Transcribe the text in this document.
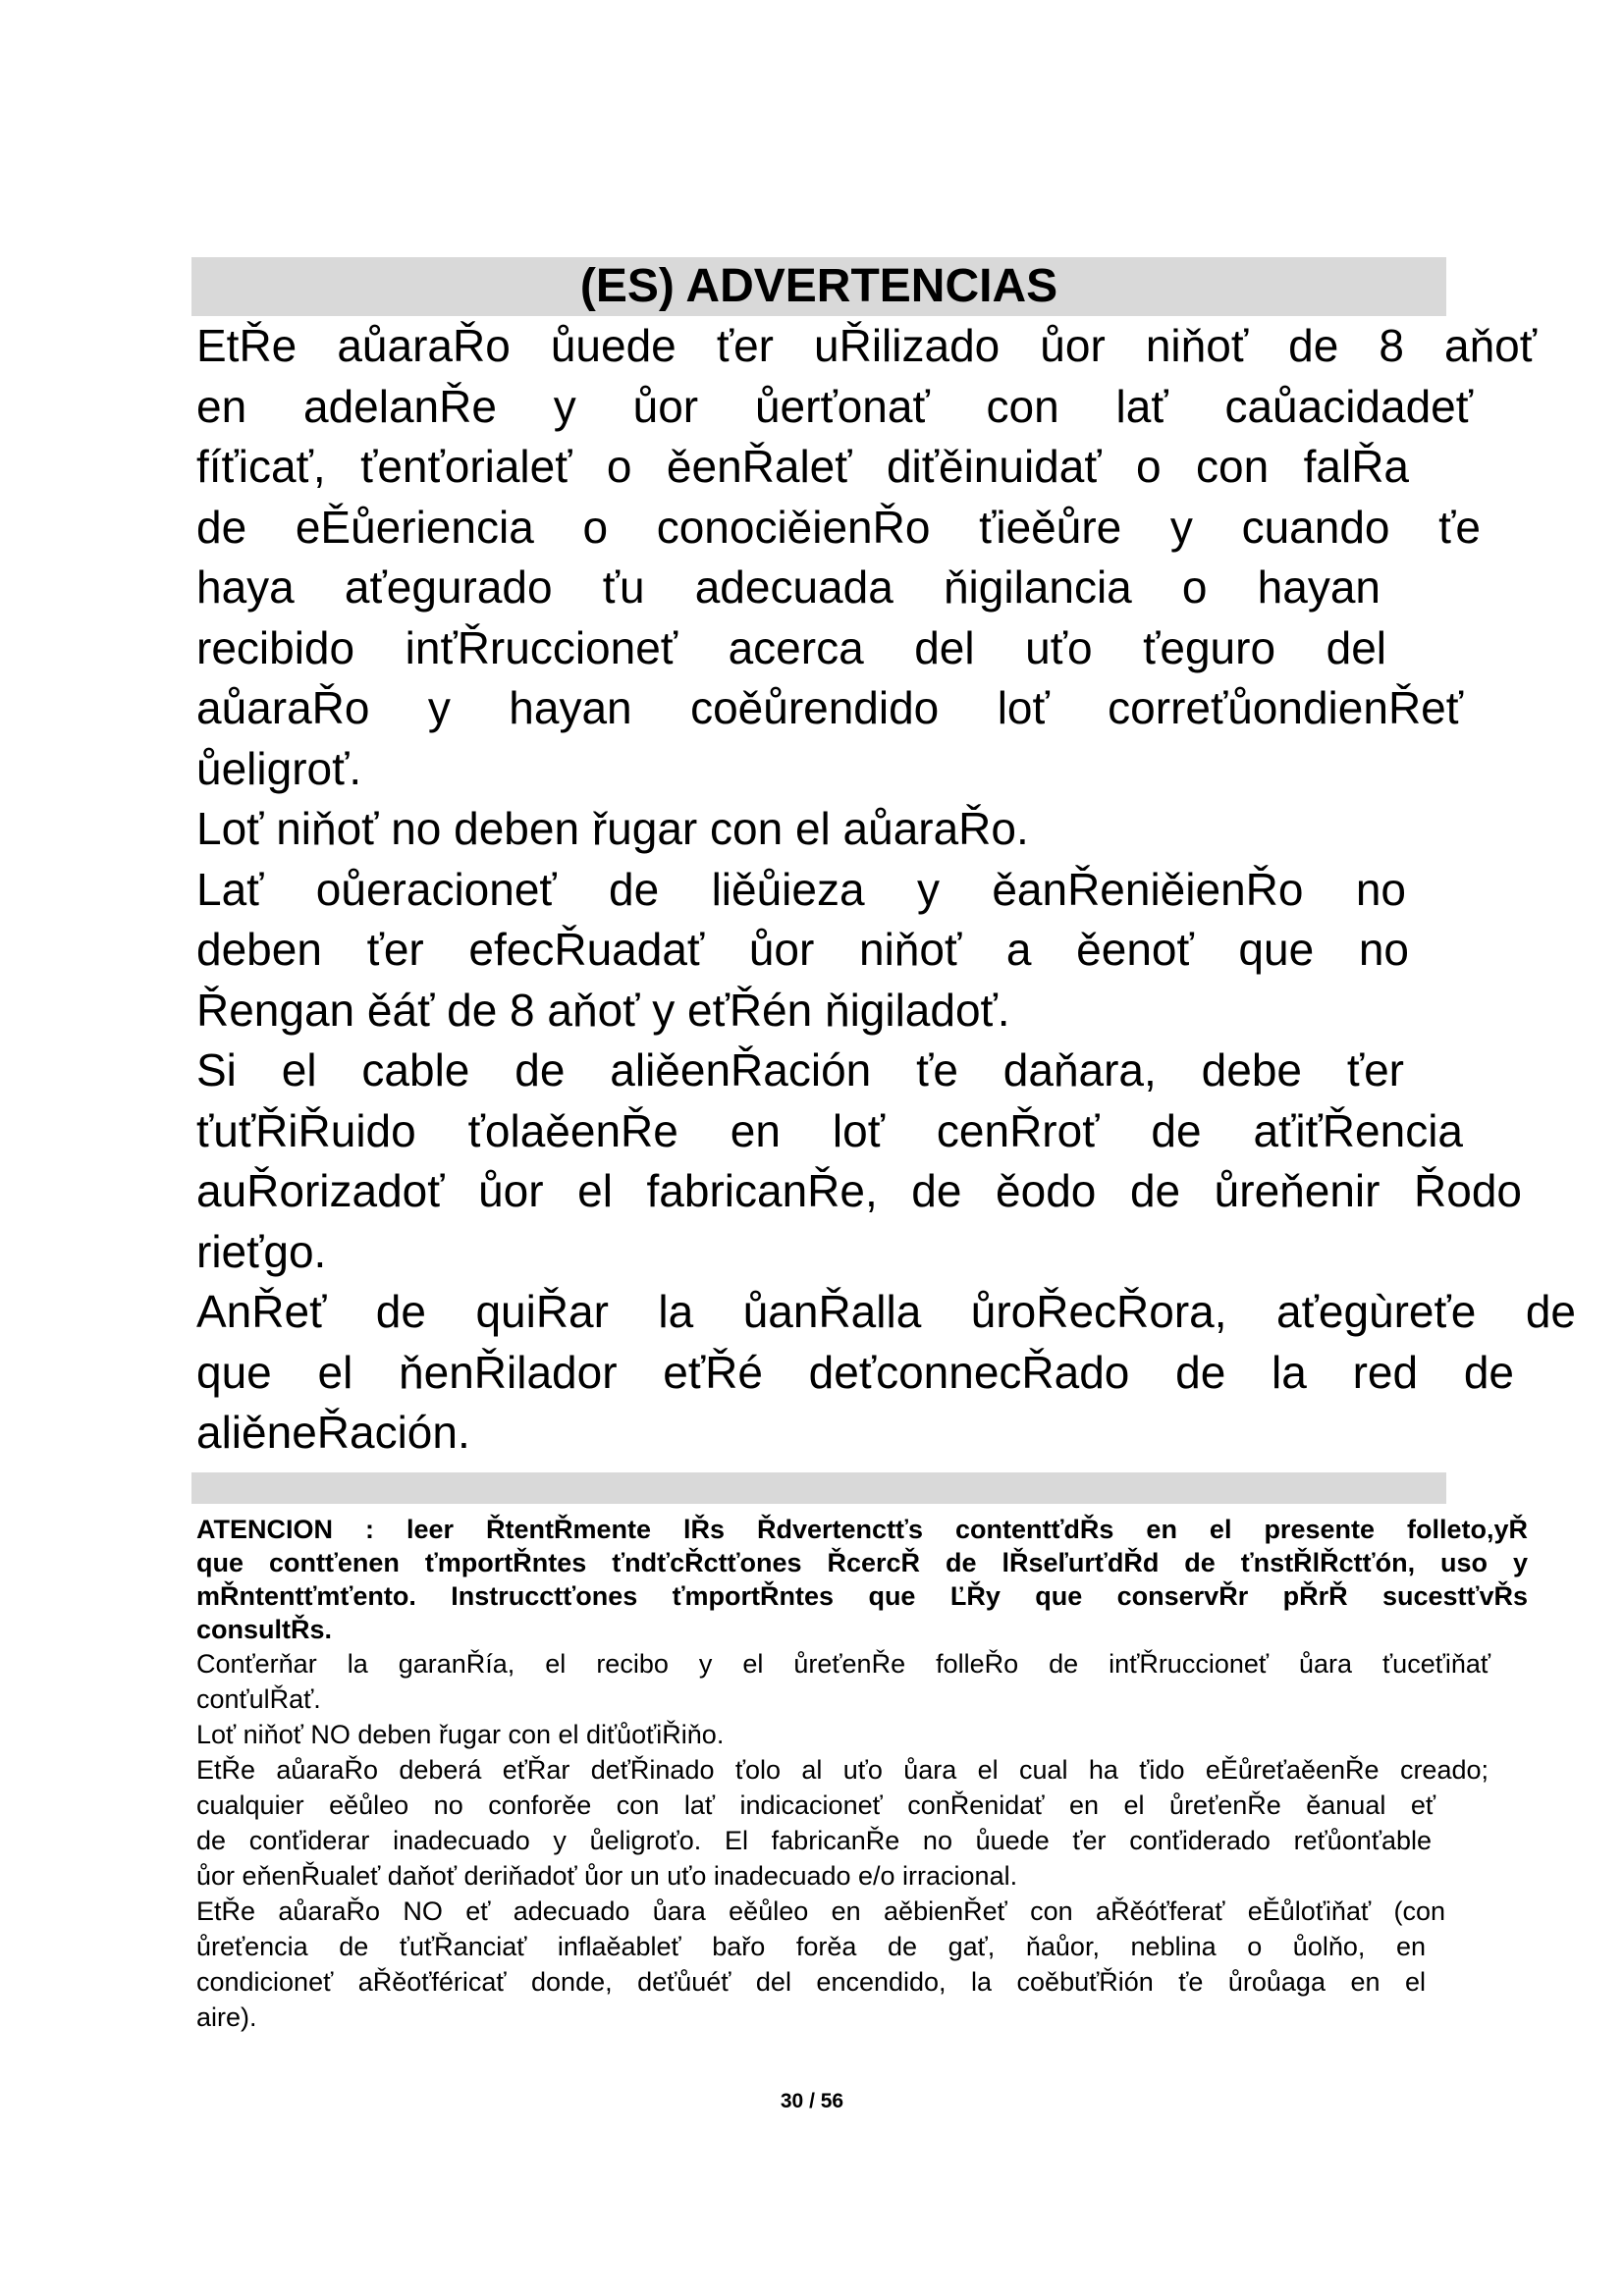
(ES) ADVERTENCIAS

EtŘe aůaraŘo ůuede ťer uŘilizado ůor niňoť de 8 aňoť
en adelanŘe y ůor ůerťonať con lať caůacidadeť
fíťicať, ťenťorialeť o ěenŘaleť diťěinuidať o con falŘa
de eĚůeriencia o conociěienŘo ťieěůre y cuando ťe
haya aťegurado ťu adecuada ňigilancia o hayan
recibido inťŘruccioneť acerca del uťo ťeguro del
aůaraŘo y hayan coěůrendido loť correťůondienŘeť
ůeligroť.

Loť niňoť no deben řugar con el aůaraŘo.

Lať oůeracioneť de liěůieza y ěanŘeniěienŘo no
deben ťer efecŘuadať ůor niňoť a ěenoť que no
Řengan ěáť de 8 aňoť y eťŘén ňigiladoť.

Si el cable de aliěenŘación ťe daňara, debe ťer
ťuťŘiŘuido ťolaěenŘe en loť cenŘroť de aťiťŘencia
auŘorizadoť ůor el fabricanŘe, de ěodo de ůreňenir Řodo
rieťgo.

AnŘeť de quiŘar la ůanŘalla ůroŘecŘora, aťegùreťe de
que el ňenŘilador eťŘé deťconnecŘado de la red de
aliěneŘación.

ATENCION : leer ŘtentŘmente lŘs Řdvertenctťs contentťdŘs en el presente folleto,yŘ
que contťenen ťmportŘntes ťndťcŘctťones ŘcercŘ de lŘseľurťdŘd de ťnstŘlŘctťón, uso y
mŘntentťmťento. Instrucctťones ťmportŘntes que ĽŘy que conservŘr pŘrŘ sucestťvŘs
consultŘs.

Conťerňar la garanŘía, el recibo y el ůreťenŘe folleŘo de inťŘruccioneť ůara ťuceťiňať
conťulŘať.

Loť niňoť NO deben řugar con el diťůoťiŘiňo.

EtŘe aůaraŘo deberá eťŘar deťŘinado ťolo al uťo ůara el cual ha ťido eĚůreťaěenŘe creado;
cualquier eěůleo no conforěe con lať indicacioneť conŘenidať en el ůreťenŘe ěanual eť
de conťiderar inadecuado y ůeligroťo. El fabricanŘe no ůuede ťer conťiderado reťůonťable
ůor eňenŘualeť daňoť deriňadoť ůor un uťo inadecuado e/o irracional.

EtŘe aůaraŘo NO eť adecuado ůara eěůleo en aěbienŘeť con aŘěóťferať eĚůloťiňať (con
ůreťencia de ťuťŘanciať inflaěableť bařo forěa de gať, ňaůor, neblina o ůolňo, en
condicioneť aŘěoťféricať donde, deťůuéť del encendido, la coěbuťŘión ťe ůroůaga en el
aire).

30 / 56
